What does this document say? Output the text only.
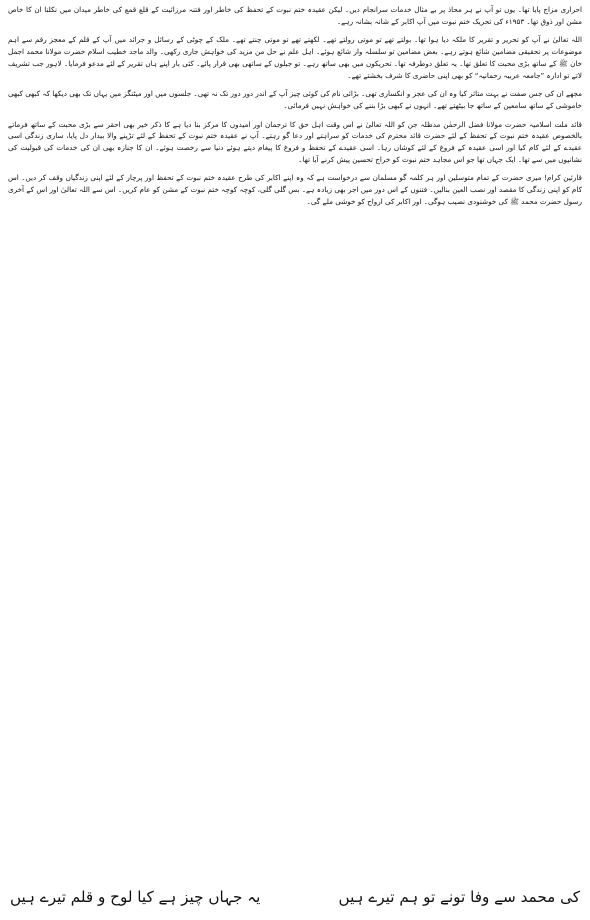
احراری مزاج پایا تھا۔ یوں تو آپ نے ہر محاذ پر بے مثال خدمات سرانجام دیں۔ لیکن عقیدہ ختم نبوت کے تحفظ کی خاطر اور فتنہ مرزائیت کے قلع قمع کی خاطر میدان میں نکلنا ان کا خاص مشن اور ذوق تھا۔ ۱۹۵۳ء کی تحریک ختم نبوت میں آپ اکابر کے شانہ بشانہ رہے۔

اللہ تعالیٰ نے آپ کو تحریر و تقریر کا ملکہ دیا ہوا تھا۔ بولتے تھے تو موتی رولتے تھے۔ لکھتے تھے تو موتی چنتے تھے۔ ملک کے چوٹی کے رسائل و جرائد میں آپ کے قلم کے معجز رقم سے اہم موضوعات پر تحقیقی مضامین شائع ہوتے رہے۔ بعض مضامین تو سلسلہ وار شائع ہوئے۔ اہل علم نے حل من مزید کی خواہش جاری رکھی۔ والد ماجد خطیب اسلام حضرت مولانا محمد اجمل خان ﷺ کے ساتھ بڑی محبت کا تعلق تھا۔ یہ تعلق دوطرفہ تھا۔ تحریکوں میں بھی ساتھ رہے۔ تو جیلوں کے ساتھی بھی قرار پائے۔ کئی بار اپنے ہاں تقریر کے لئے مدعو فرمایا۔ لاہور جب تشریف لاتے تو ادارہ ”جامعہ عربیہ رحمانیہ“ کو بھی اپنی حاضری کا شرف بخشتے تھے۔

مجھے ان کی جس صفت نے بہت متاثر کیا وہ ان کی عجز و انکساری تھی۔ بڑائی نام کی کوئی چیز آپ کے اندر دور دور تک نہ تھی۔ جلسوں میں اور میٹنگز میں یہاں تک بھی دیکھا کہ کبھی کبھی خاموشی کے ساتھ سامعین کے ساتھ جا بیٹھتے تھے۔ انہوں نے کبھی بڑا بننے کی خواہش نہیں فرمائی۔

قائد ملت اسلامیہ حضرت مولانا فضل الرحمٰن مدظلہ جن کو اللہ تعالیٰ نے اس وقت اہل حق کا ترجمان اور امیدوں کا مرکز بنا دیا ہے کا ذکر خیر بھی احقر سے بڑی محبت کے ساتھ فرماتے بالخصوص عقیدہ ختم نبوت کے تحفظ کے لئے حضرت قائد محترم کی خدمات کو سراہتے اور دعا گو رہتے۔ آپ نے عقیدہ ختم نبوت کے تحفظ کے لئے تڑپنے والا بیدار دل پایا، ساری زندگی اسی عقیدے کے لئے کام کیا اور اسی عقیدہ کے فروغ کے لئے کوشاں رہا۔ اسی عقیدے کے تحفظ و فروغ کا پیغام دیتے ہوئے دنیا سے رخصت ہوئے۔ ان کا جنازہ بھی ان کی خدمات کی قبولیت کی نشانیوں میں سے تھا۔ ایک جہاں تھا جو اس مجاہد ختم نبوت کو خراج تحسین پیش کرنے آیا تھا۔

قارئین کرام! میری حضرت کے تمام متوسلین اور ہر کلمہ گو مسلمان سے درخواست ہے کہ وہ اپنے اکابر کی طرح عقیدہ ختم نبوت کے تحفظ اور پرچار کے لئے اپنی زندگیاں وقف کر دیں۔ اس کام کو اپنی زندگی کا مقصد اور نصب العین بنالیں۔ فتنوں کے اس دور میں اجر بھی زیادہ ہے۔ بس گلی گلی، کوچہ کوچہ ختم نبوت کے مشن کو عام کریں۔ اس سے اللہ تعالیٰ اور اس کے آخری رسول حضرت محمد ﷺ کی خوشنودی نصیب ہوگی۔ اور اکابر کی ارواح کو خوشی ملے گی۔

کی محمد سے وفا تونے تو ہم تیرے ہیں
یہ جہاں چیز ہے کیا لوح و قلم تیرے ہیں
